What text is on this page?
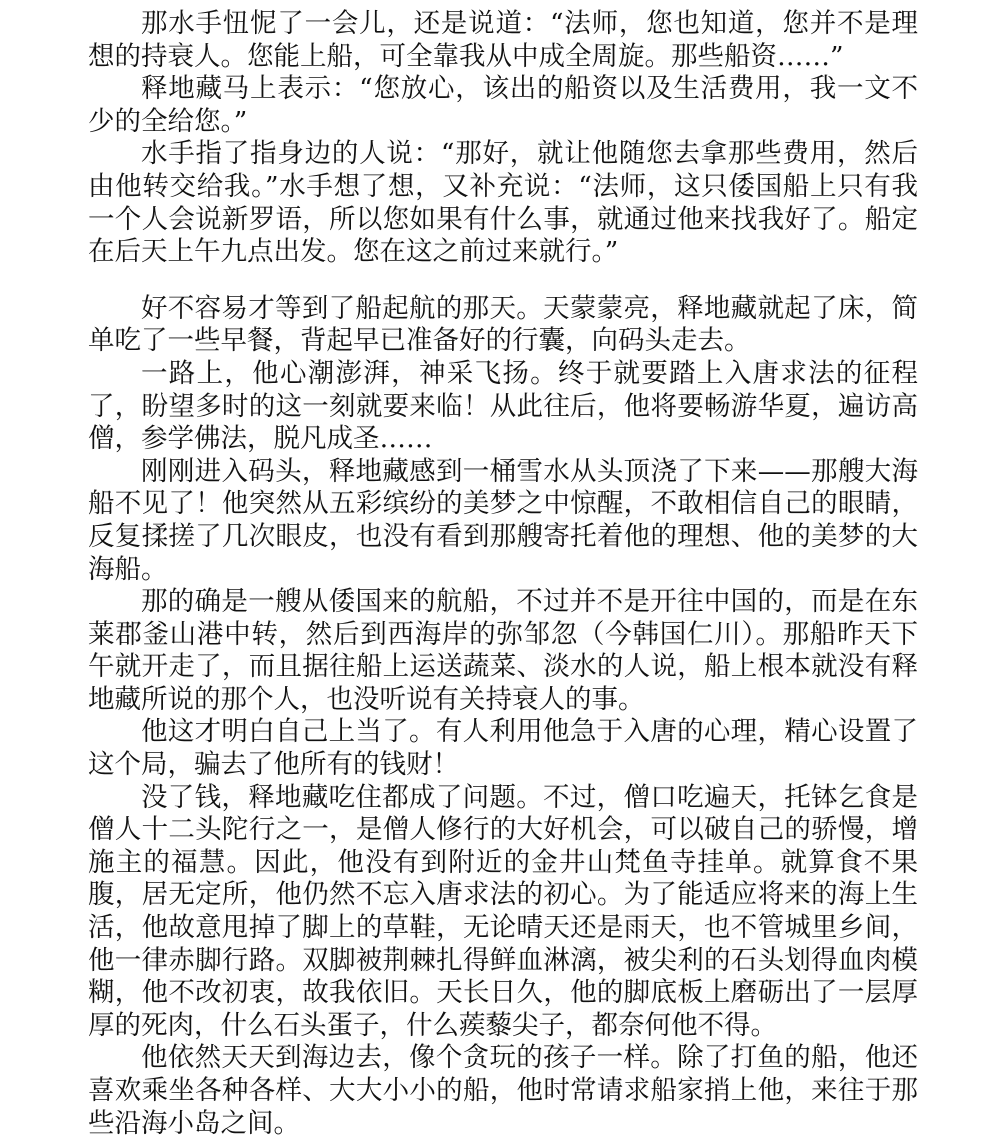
那水手忸怩了一会儿，还是说道：“法师，您也知道，您并不是理想的持衰人。您能上船，可全靠我从中成全周旋。那些船资……”

释地藏马上表示：“您放心，该出的船资以及生活费用，我一文不少的全给您。”

水手指了指身边的人说：“那好，就让他随您去拿那些费用，然后由他转交给我。”水手想了想，又补充说：“法师，这只倭国船上只有我一个人会说新罗语，所以您如果有什么事，就通过他来找我好了。船定在后天上午九点出发。您在这之前过来就行。”

好不容易才等到了船起航的那天。天蒙蒙亮，释地藏就起了床，简单吃了一些早餐，背起早已准备好的行囊，向码头走去。

一路上，他心潮澎湃，神采飞扬。终于就要踏上入唐求法的征程了，盼望多时的这一刻就要来临！从此往后，他将要畅游华夏，遍访高僧，参学佛法，脱凡成圣……

刚刚进入码头，释地藏感到一桶雪水从头顶浇了下来——那艘大海船不见了！他突然从五彩缤纷的美梦之中惊醒，不敢相信自己的眼睛，反复揉搓了几次眼皮，也没有看到那艘寄托着他的理想、他的美梦的大海船。

那的确是一艘从倭国来的航船，不过并不是开往中国的，而是在东莱郡釜山港中转，然后到西海岸的弥邹忽（今韩国仁川）。那船昨天下午就开走了，而且据往船上运送蔬菜、淡水的人说，船上根本就没有释地藏所说的那个人，也没听说有关持衰人的事。

他这才明白自己上当了。有人利用他急于入唐的心理，精心设置了这个局，骗去了他所有的钱财！

没了钱，释地藏吃住都成了问题。不过，僧口吃遍天，托钵乞食是僧人十二头陀行之一，是僧人修行的大好机会，可以破自己的骄慢，增施主的福慧。因此，他没有到附近的金井山梵鱼寺挂单。就算食不果腹，居无定所，他仍然不忘入唐求法的初心。为了能适应将来的海上生活，他故意甩掉了脚上的草鞋，无论晴天还是雨天，也不管城里乡间，他一律赤脚行路。双脚被荆棘扎得鲜血淋漓，被尖利的石头划得血肉模糊，他不改初衷，故我依旧。天长日久，他的脚底板上磨砺出了一层厚厚的死肉，什么石头蛋子，什么蒺藜尖子，都奈何他不得。

他依然天天到海边去，像个贪玩的孩子一样。除了打鱼的船，他还喜欢乘坐各种各样、大大小小的船，他时常请求船家捎上他，来往于那些沿海小岛之间。
